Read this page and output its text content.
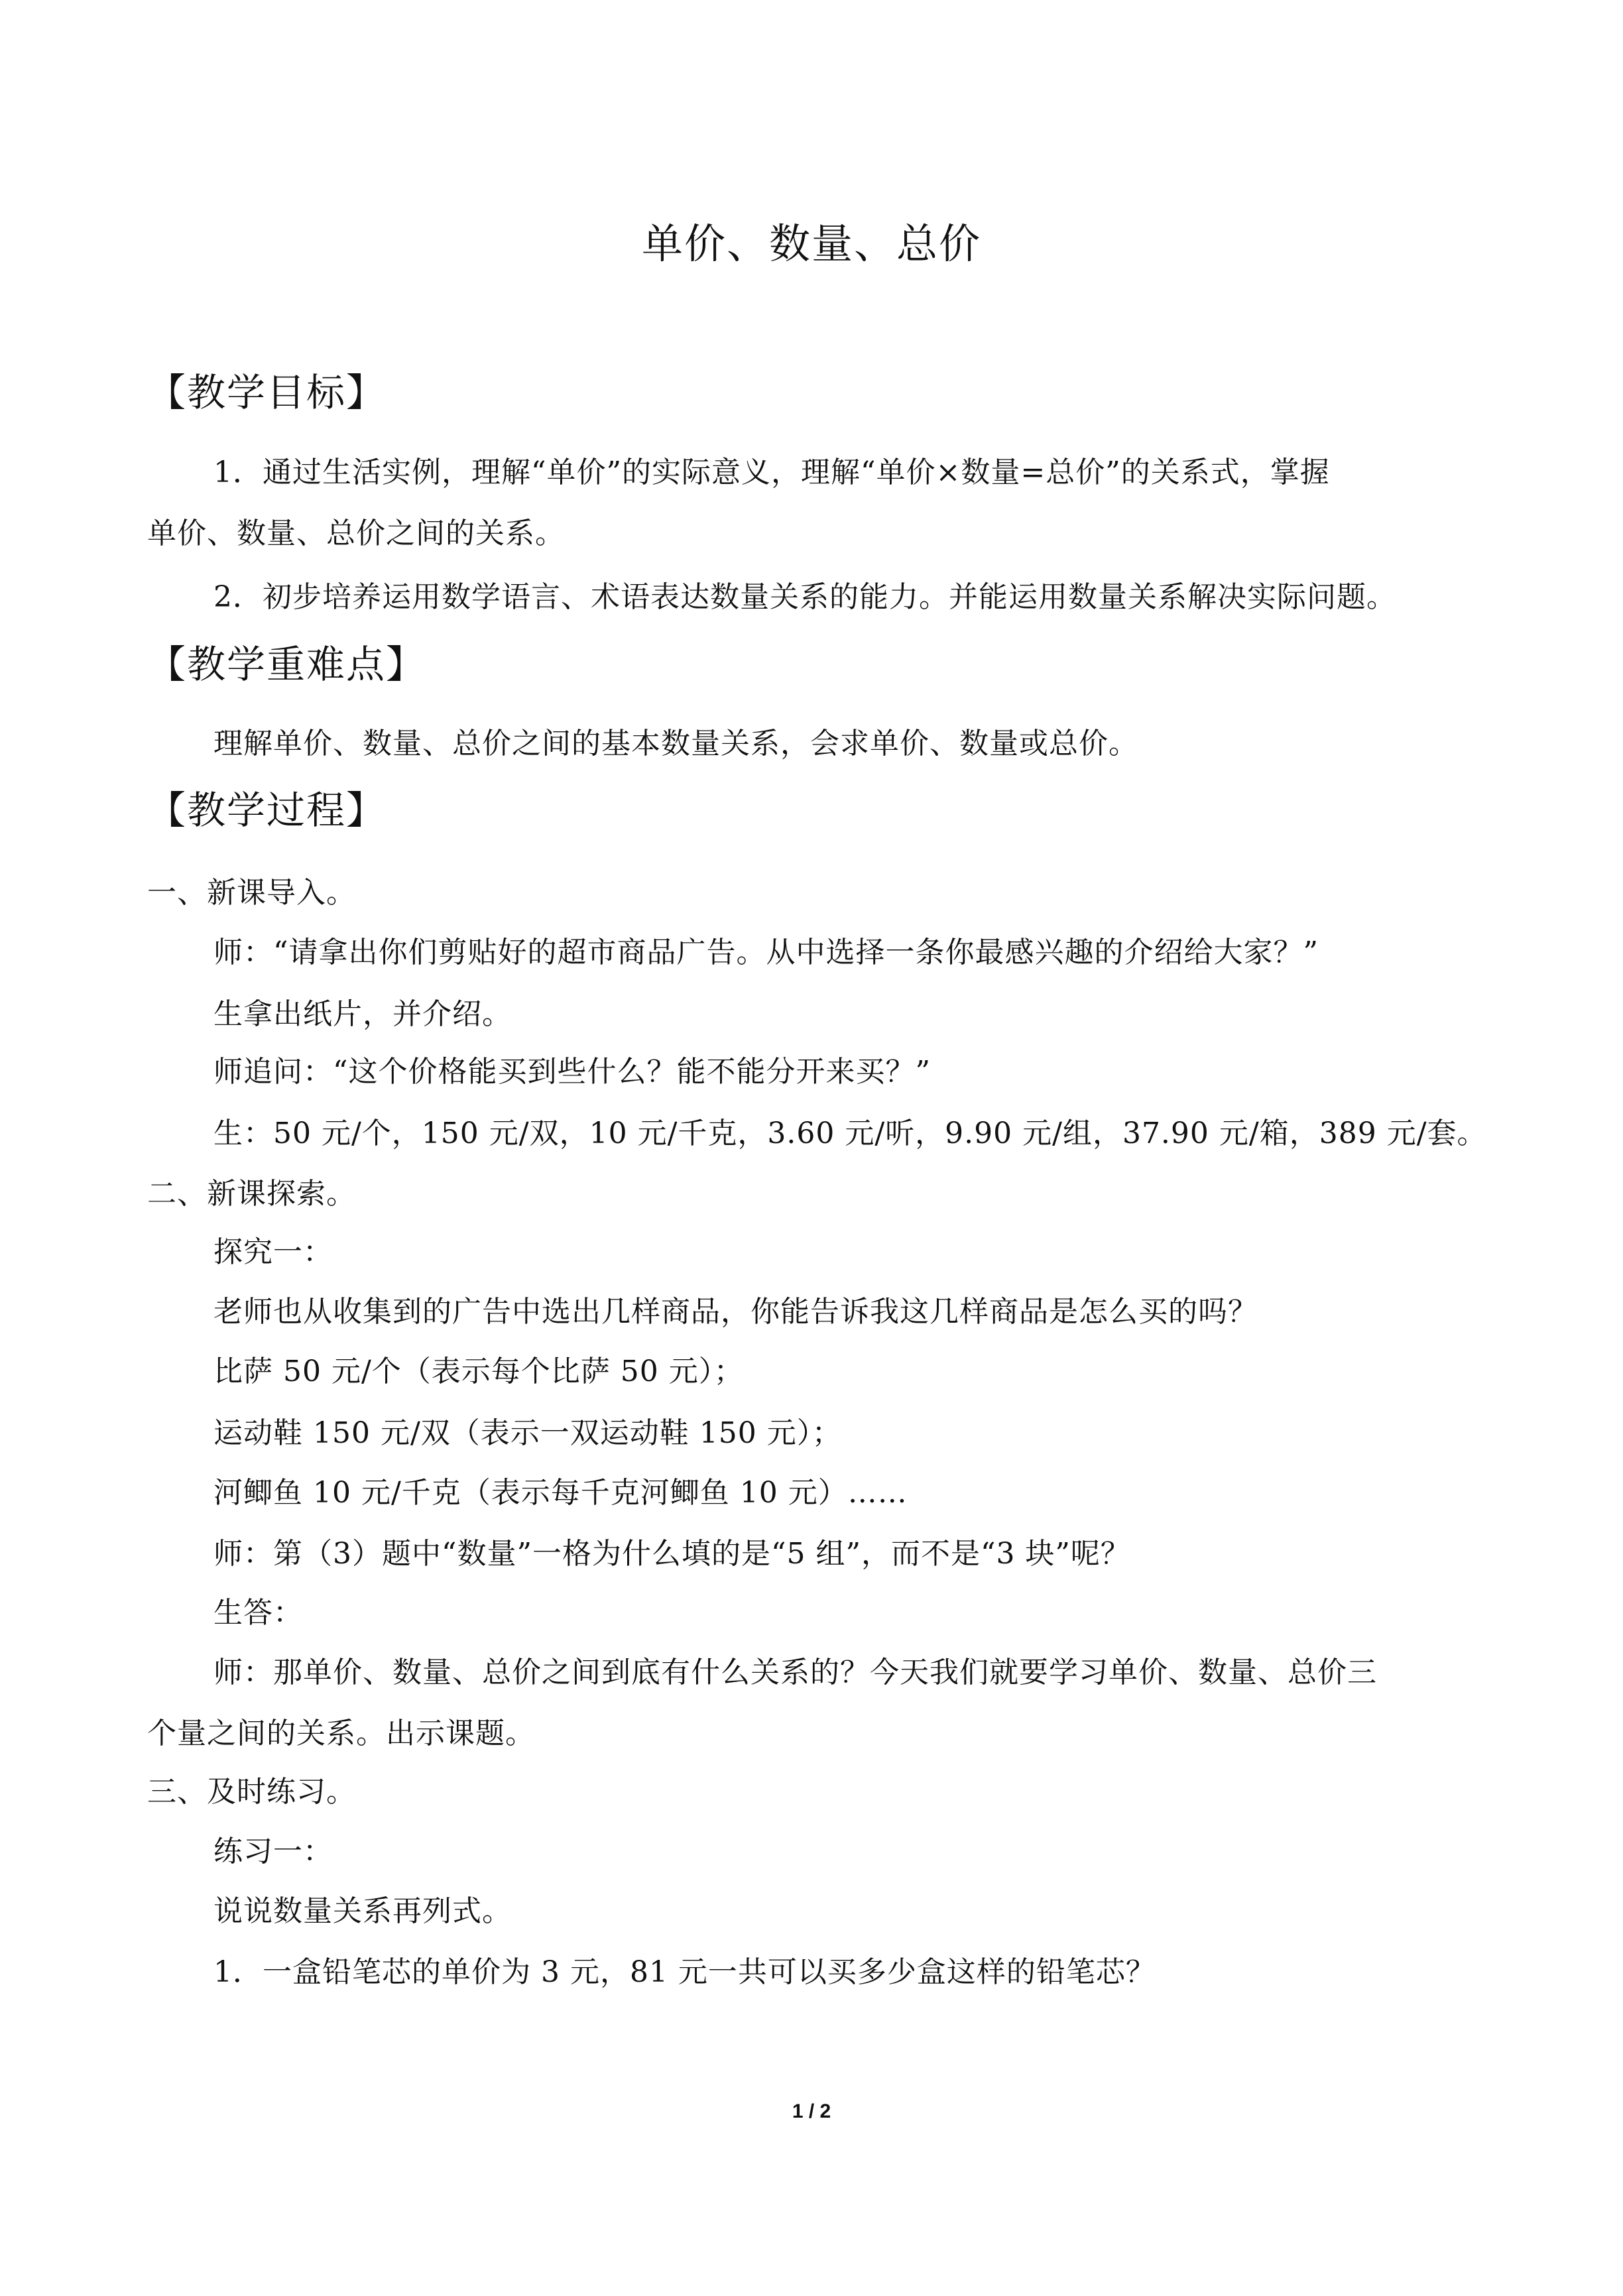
单价、数量、总价
【教学目标】
1．通过生活实例，理解“单价”的实际意义，理解“单价×数量=总价”的关系式，掌握
单价、数量、总价之间的关系。
2．初步培养运用数学语言、术语表达数量关系的能力。并能运用数量关系解决实际问题。
【教学重难点】
理解单价、数量、总价之间的基本数量关系，会求单价、数量或总价。
【教学过程】
一、新课导入。
师：“请拿出你们剪贴好的超市商品广告。从中选择一条你最感兴趣的介绍给大家？”
生拿出纸片，并介绍。
师追问：“这个价格能买到些什么？能不能分开来买？”
生：50 元/个，150 元/双，10 元/千克，3.60 元/听，9.90 元/组，37.90 元/箱，389 元/套。
二、新课探索。
探究一：
老师也从收集到的广告中选出几样商品，你能告诉我这几样商品是怎么买的吗？
比萨 50 元/个（表示每个比萨 50 元）；
运动鞋 150 元/双（表示一双运动鞋 150 元）；
河鲫鱼 10 元/千克（表示每千克河鲫鱼 10 元）……
师：第（3）题中“数量”一格为什么填的是“5 组”，而不是“3 块”呢？
生答：
师：那单价、数量、总价之间到底有什么关系的？今天我们就要学习单价、数量、总价三
个量之间的关系。出示课题。
三、及时练习。
练习一：
说说数量关系再列式。
1．一盒铅笔芯的单价为 3 元，81 元一共可以买多少盒这样的铅笔芯？
1 / 2
